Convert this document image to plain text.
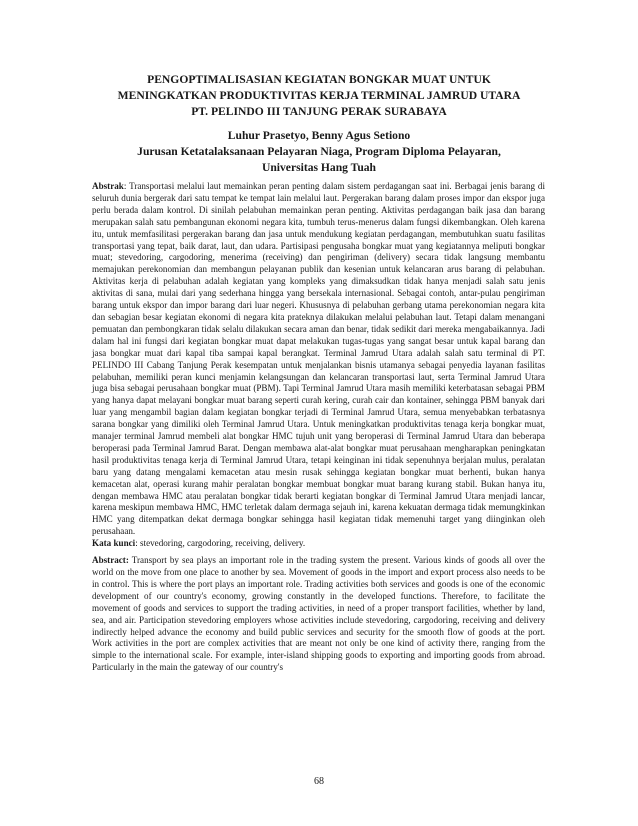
PENGOPTIMALISASIAN KEGIATAN BONGKAR MUAT UNTUK
MENINGKATKAN PRODUKTIVITAS KERJA TERMINAL JAMRUD UTARA
PT. PELINDO III TANJUNG PERAK SURABAYA
Luhur Prasetyo, Benny Agus Setiono
Jurusan Ketatalaksanaan Pelayaran Niaga, Program Diploma Pelayaran,
Universitas Hang Tuah

Abstrak: Transportasi melalui laut memainkan peran penting dalam sistem perdagangan saat ini. Berbagai jenis barang di seluruh dunia bergerak dari satu tempat ke tempat lain melalui laut. Pergerakan barang dalam proses impor dan ekspor juga perlu berada dalam kontrol. Di sinilah pelabuhan memainkan peran penting. Aktivitas perdagangan baik jasa dan barang merupakan salah satu pembangunan ekonomi negara kita, tumbuh terus-menerus dalam fungsi dikembangkan. Oleh karena itu, untuk memfasilitasi pergerakan barang dan jasa untuk mendukung kegiatan perdagangan, membutuhkan suatu fasilitas transportasi yang tepat, baik darat, laut, dan udara. Partisipasi pengusaha bongkar muat yang kegiatannya meliputi bongkar muat; stevedoring, cargodoring, menerima (receiving) dan pengiriman (delivery) secara tidak langsung membantu memajukan perekonomian dan membangun pelayanan publik dan kesenian untuk kelancaran arus barang di pelabuhan. Aktivitas kerja di pelabuhan adalah kegiatan yang kompleks yang dimaksudkan tidak hanya menjadi salah satu jenis aktivitas di sana, mulai dari yang sederhana hingga yang bersekala internasional. Sebagai contoh, antar-pulau pengiriman barang untuk ekspor dan impor barang dari luar negeri. Khususnya di pelabuhan gerbang utama perekonomian negara kita dan sebagian besar kegiatan ekonomi di negara kita prateknya dilakukan melalui pelabuhan laut. Tetapi dalam menangani pemuatan dan pembongkaran tidak selalu dilakukan secara aman dan benar, tidak sedikit dari mereka mengabaikannya. Jadi dalam hal ini fungsi dari kegiatan bongkar muat dapat melakukan tugas-tugas yang sangat besar untuk kapal barang dan jasa bongkar muat dari kapal tiba sampai kapal berangkat. Terminal Jamrud Utara adalah salah satu terminal di PT. PELINDO III Cabang Tanjung Perak kesempatan untuk menjalankan bisnis utamanya sebagai penyedia layanan fasilitas pelabuhan, memiliki peran kunci menjamin kelangsungan dan kelancaran transportasi laut, serta Terminal Jamrud Utara juga bisa sebagai perusahaan bongkar muat (PBM). Tapi Terminal Jamrud Utara masih memiliki keterbatasan sebagai PBM yang hanya dapat melayani bongkar muat barang seperti curah kering, curah cair dan kontainer, sehingga PBM banyak dari luar yang mengambil bagian dalam kegiatan bongkar terjadi di Terminal Jamrud Utara, semua menyebabkan terbatasnya sarana bongkar yang dimiliki oleh Terminal Jamrud Utara. Untuk meningkatkan produktivitas tenaga kerja bongkar muat, manajer terminal Jamrud membeli alat bongkar HMC tujuh unit yang beroperasi di Terminal Jamrud Utara dan beberapa beroperasi pada Terminal Jamrud Barat. Dengan membawa alat-alat bongkar muat perusahaan mengharapkan peningkatan hasil produktivitas tenaga kerja di Terminal Jamrud Utara, tetapi keinginan ini tidak sepenuhnya berjalan mulus, peralatan baru yang datang mengalami kemacetan atau mesin rusak sehingga kegiatan bongkar muat berhenti, bukan hanya kemacetan alat, operasi kurang mahir peralatan bongkar membuat bongkar muat barang kurang stabil. Bukan hanya itu, dengan membawa HMC atau peralatan bongkar tidak berarti kegiatan bongkar di Terminal Jamrud Utara menjadi lancar, karena meskipun membawa HMC, HMC terletak dalam dermaga sejauh ini, karena kekuatan dermaga tidak memungkinkan HMC yang ditempatkan dekat dermaga bongkar sehingga hasil kegiatan tidak memenuhi target yang diinginkan oleh perusahaan.

Kata kunci: stevedoring, cargodoring, receiving, delivery.

Abstract: Transport by sea plays an important role in the trading system the present. Various kinds of goods all over the world on the move from one place to another by sea. Movement of goods in the import and export process also needs to be in control. This is where the port plays an important role. Trading activities both services and goods is one of the economic development of our country's economy, growing constantly in the developed functions. Therefore, to facilitate the movement of goods and services to support the trading activities, in need of a proper transport facilities, whether by land, sea, and air. Participation stevedoring employers whose activities include stevedoring, cargodoring, receiving and delivery indirectly helped advance the economy and build public services and security for the smooth flow of goods at the port. Work activities in the port are complex activities that are meant not only be one kind of activity there, ranging from the simple to the international scale. For example, inter-island shipping goods to exporting and importing goods from abroad. Particularly in the main the gateway of our country's

68
